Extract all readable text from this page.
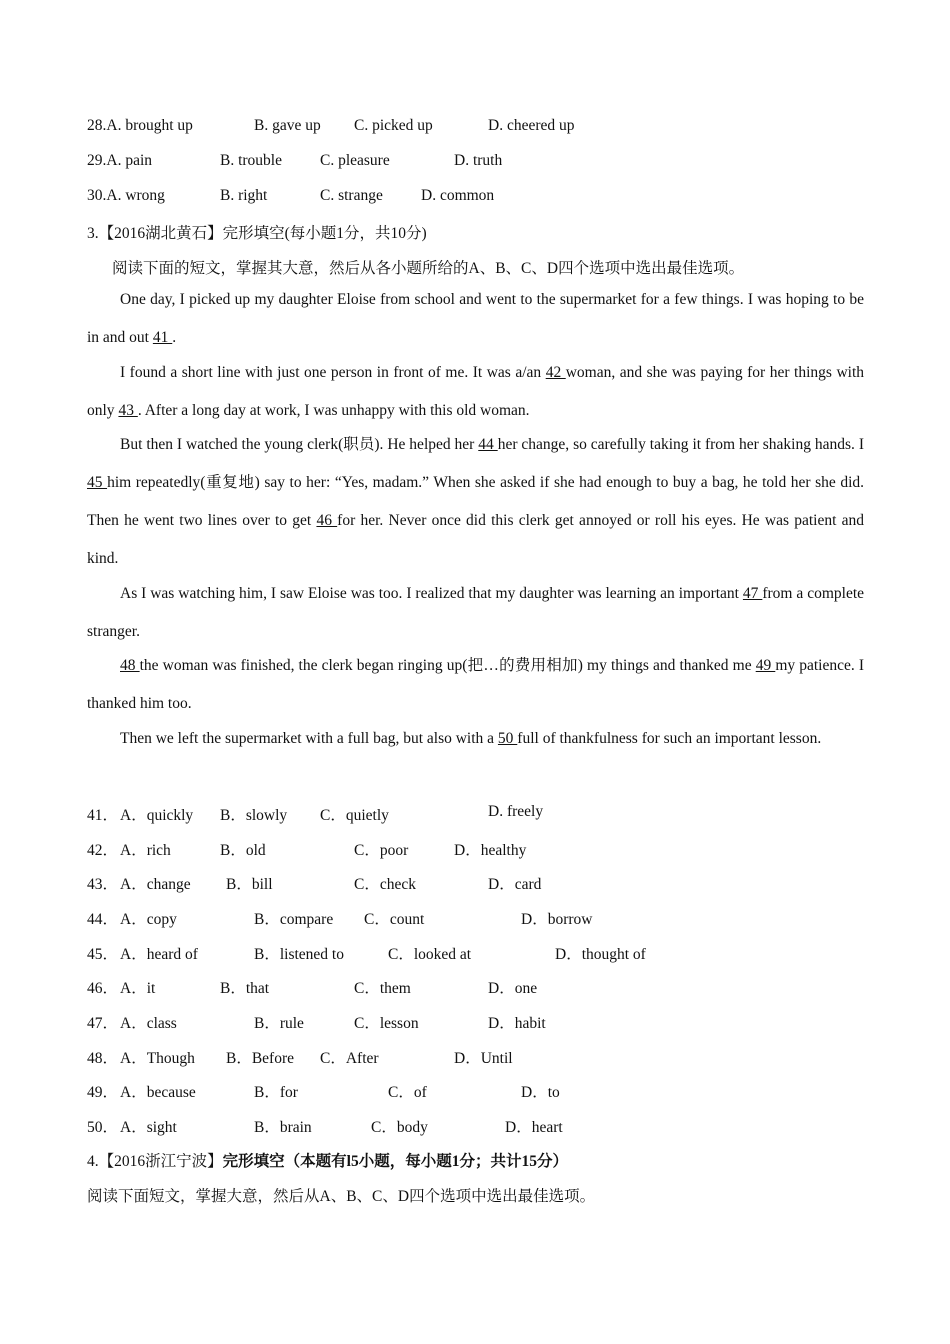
28.A. brought up	B. gave up C. picked up	D. cheered up
29.A. pain	B. trouble C. pleasure	D. truth
30.A. wrong	B. right	C. strange D. common
3.【2016湖北黄石】完形填空(每小题1分，共10分)
阅读下面的短文，掌握其大意，然后从各小题所给的A、B、C、D四个选项中选出最佳选项。
One day, I picked up my daughter Eloise from school and went to the supermarket for a few things. I was hoping to be in and out 41 .
I found a short line with just one person in front of me. It was a/an 42 woman, and she was paying for her things with only 43 . After a long day at work, I was unhappy with this old woman.
But then I watched the young clerk(职员). He helped her 44 her change, so carefully taking it from her shaking hands. I 45 him repeatedly(重复地) say to her: “Yes, madam.” When she asked if she had enough to buy a bag, he told her she did. Then he went two lines over to get 46 for her. Never once did this clerk get annoyed or roll his eyes. He was patient and kind.
As I was watching him, I saw Eloise was too. I realized that my daughter was learning an important 47 from a complete stranger.
48 the woman was finished, the clerk began ringing up(把…的费用相加) my things and thanked me 49 my patience. I thanked him too.
Then we left the supermarket with a full bag, but also with a 50 full of thankfulness for such an important lesson.
41． A．quickly B．slowly C．quietly	D. freely
42． A．rich	B．old	C．poor	D．healthy
43． A．change B．bill	C．check	D．card
44． A．copy	B．compare C．count	D．borrow
45． A．heard of	B．listened to	C．looked at	D．thought of
46． A．it	B．that	C．them	D．one
47． A．class	B．rule	C．lesson	D．habit
48． A．Though B．Before C．After	D．Until
49． A．because	B．for	C．of	D．to
50． A．sight	B．brain	C．body	D．heart
4.【2016浙江宁波】完形填空（本题有l5小题，每小题1分；共计15分）
阅读下面短文，掌握大意，然后从A、B、C、D四个选项中选出最佳选项。
